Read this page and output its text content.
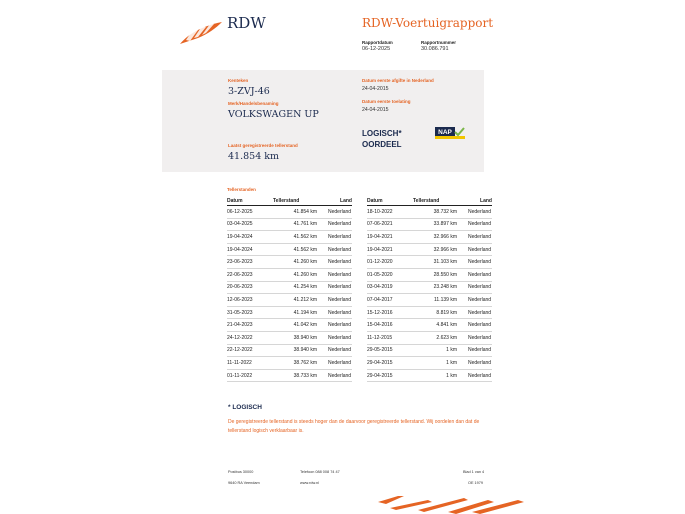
RDW	RDW-Voertuigrapport
Rapportdatum
06-12-2025
Rapportnummer
30.086.791
Kenteken
3-ZVJ-46
Merk/Handelsbenaming
VOLKSWAGEN UP
Laatst geregistreerde tellerstand
41.854 km
Datum eerste afgifte in Nederland
24-04-2015
Datum eerste toelating
24-04-2015
LOGISCH*
OORDEEL
NAP
Tellerstanden
Datum	Tellerstand	Land
06-12-2025	41.854 km	Nederland
03-04-2025	41.761 km	Nederland
19-04-2024	41.562 km	Nederland
19-04-2024	41.562 km	Nederland
23-06-2023	41.260 km	Nederland
22-06-2023	41.260 km	Nederland
20-06-2023	41.254 km	Nederland
12-06-2023	41.212 km	Nederland
31-05-2023	41.194 km	Nederland
21-04-2023	41.042 km	Nederland
24-12-2022	38.940 km	Nederland
22-12-2022	38.940 km	Nederland
11-11-2022	38.762 km	Nederland
01-11-2022	38.733 km	Nederland
Datum	Tellerstand	Land
18-10-2022	38.732 km	Nederland
07-06-2021	33.897 km	Nederland
19-04-2021	32.966 km	Nederland
19-04-2021	32.966 km	Nederland
01-12-2020	31.103 km	Nederland
01-05-2020	28.550 km	Nederland
03-04-2019	23.248 km	Nederland
07-04-2017	11.139 km	Nederland
15-12-2016	8.819 km	Nederland
15-04-2016	4.841 km	Nederland
11-12-2015	2.623 km	Nederland
29-05-2015	1 km	Nederland
29-04-2015	1 km	Nederland
29-04-2015	1 km	Nederland
* LOGISCH
De geregistreerde tellerstand is steeds hoger dan de daarvoor geregistreerde tellerstand. Wij oordelen dan dat de tellerstand logisch verklaarbaar is.
Postbus 30000
9640 RA Veendam
Telefoon 088 008 74 47
www.rdw.nl
Blad 1 van 4
OE 1979
